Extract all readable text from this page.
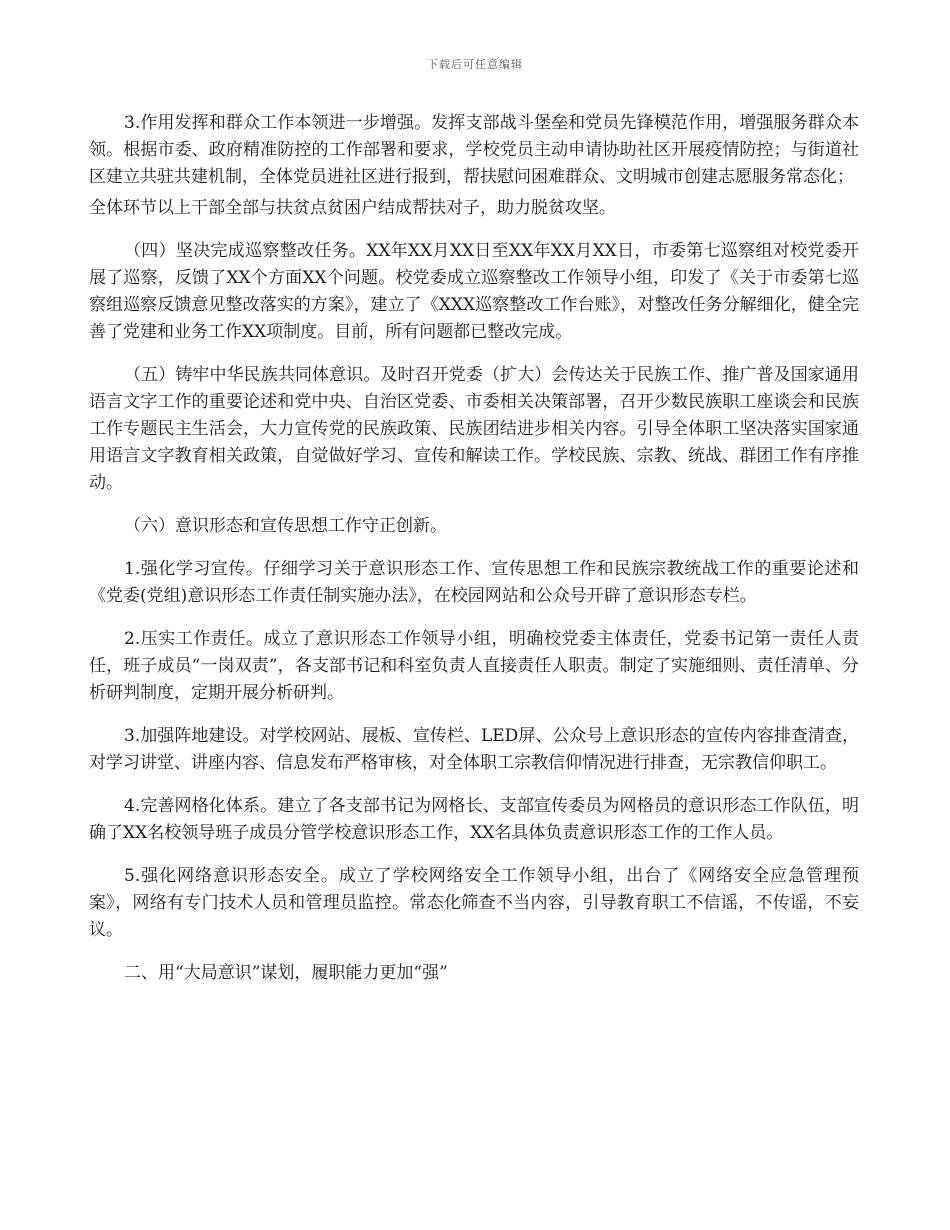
下载后可任意编辑

3.作用发挥和群众工作本领进一步增强。发挥支部战斗堡垒和党员先锋模范作用，增强服务群众本领。根据市委、政府精准防控的工作部署和要求，学校党员主动申请协助社区开展疫情防控；与街道社区建立共驻共建机制，全体党员进社区进行报到，帮扶慰问困难群众、文明城市创建志愿服务常态化；

全体环节以上干部全部与扶贫点贫困户结成帮扶对子，助力脱贫攻坚。

（四）坚决完成巡察整改任务。XX年XX月XX日至XX年XX月XX日，市委第七巡察组对校党委开展了巡察，反馈了XX个方面XX个问题。校党委成立巡察整改工作领导小组，印发了《关于市委第七巡察组巡察反馈意见整改落实的方案》，建立了《XXX巡察整改工作台账》，对整改任务分解细化，健全完善了党建和业务工作XX项制度。目前，所有问题都已整改完成。

（五）铸牢中华民族共同体意识。及时召开党委（扩大）会传达关于民族工作、推广普及国家通用语言文字工作的重要论述和党中央、自治区党委、市委相关决策部署，召开少数民族职工座谈会和民族工作专题民主生活会，大力宣传党的民族政策、民族团结进步相关内容。引导全体职工坚决落实国家通用语言文字教育相关政策，自觉做好学习、宣传和解读工作。学校民族、宗教、统战、群团工作有序推动。

（六）意识形态和宣传思想工作守正创新。

1.强化学习宣传。仔细学习关于意识形态工作、宣传思想工作和民族宗教统战工作的重要论述和《党委(党组)意识形态工作责任制实施办法》，在校园网站和公众号开辟了意识形态专栏。

2.压实工作责任。成立了意识形态工作领导小组，明确校党委主体责任，党委书记第一责任人责任，班子成员“一岗双责”，各支部书记和科室负责人直接责任人职责。制定了实施细则、责任清单、分析研判制度，定期开展分析研判。

3.加强阵地建设。对学校网站、展板、宣传栏、LED屏、公众号上意识形态的宣传内容排查清查，对学习讲堂、讲座内容、信息发布严格审核，对全体职工宗教信仰情况进行排查，无宗教信仰职工。

4.完善网格化体系。建立了各支部书记为网格长、支部宣传委员为网格员的意识形态工作队伍，明确了XX名校领导班子成员分管学校意识形态工作，XX名具体负责意识形态工作的工作人员。

5.强化网络意识形态安全。成立了学校网络安全工作领导小组，出台了《网络安全应急管理预案》，网络有专门技术人员和管理员监控。常态化筛查不当内容，引导教育职工不信谣，不传谣，不妄议。

二、用“大局意识”谋划，履职能力更加“强”
